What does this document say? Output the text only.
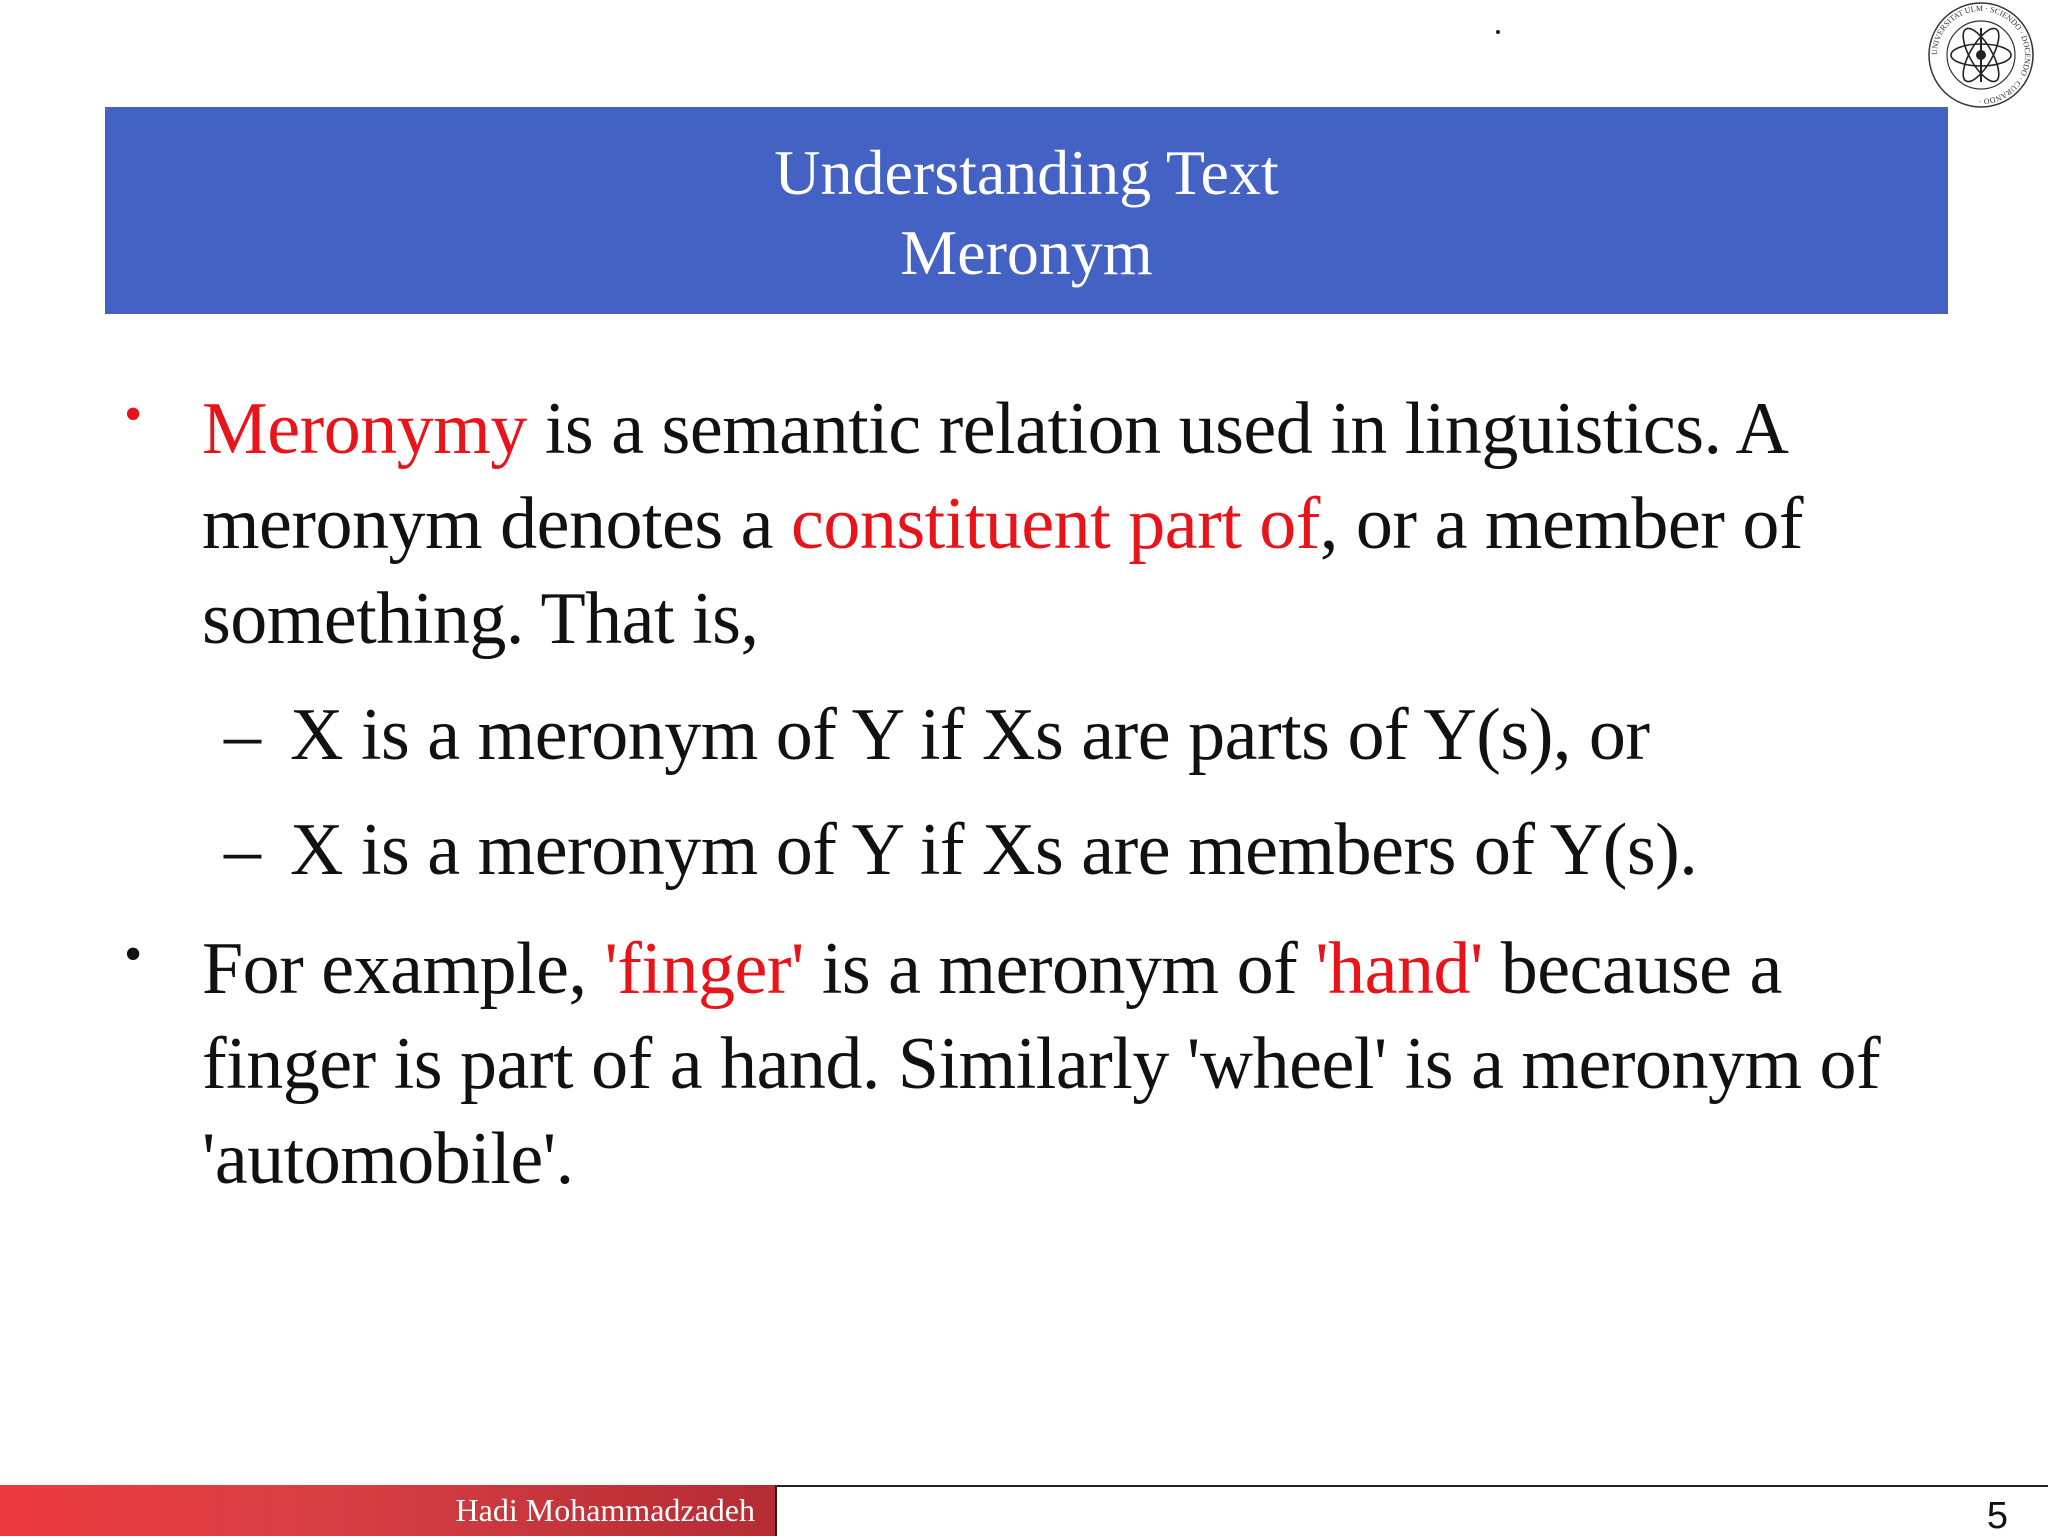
UNIVERSITAT ULM · SCIENDO · DOCENDO · CURANDO ·
Understanding Text
Meronym
• Meronymy is a semantic relation used in linguistics. A meronym denotes a constituent part of, or a member of something. That is,
– X is a meronym of Y if Xs are parts of Y(s), or
– X is a meronym of Y if Xs are members of Y(s).
• For example, 'finger' is a meronym of 'hand' because a finger is part of a hand. Similarly 'wheel' is a meronym of 'automobile'.
Hadi Mohammadzadeh	5
